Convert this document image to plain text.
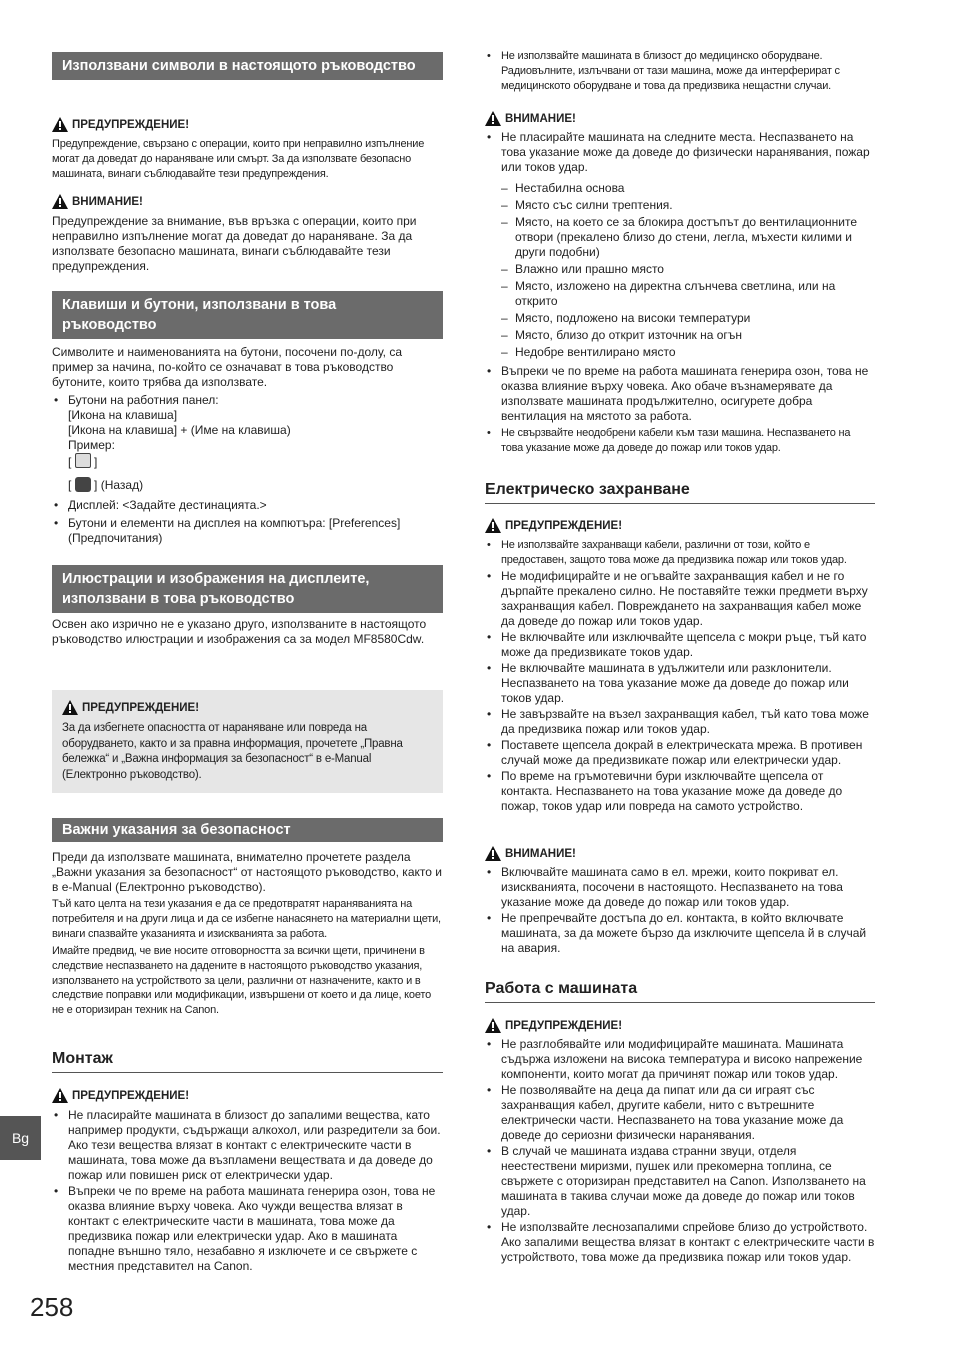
Използвани символи в настоящото ръководство
ПРЕДУПРЕЖДЕНИЕ!
Предупреждение, свързано с операции, които при неправилно изпълнение могат да доведат до нараняване или смърт. За да използвате безопасно машината, винаги съблюдавайте тези предупреждения.
ВНИМАНИЕ!
Предупреждение за внимание, във връзка с операции, които при неправилно изпълнение могат да доведат до нараняване. За да използвате безопасно машината, винаги съблюдавайте тези предупреждения.
Клавиши и бутони, използвани в това ръководство
Символите и наименованията на бутони, посочени по-долу, са пример за начина, по-който се означават в това ръководство бутоните, които трябва да използвате.
• Бутони на работния панел:
[Икона на клавиша]
[Икона на клавиша] + (Име на клавиша)
Пример:
[ ]
[ ] (Назад)
• Дисплей: <Задайте дестинацията.>
• Бутони и елементи на дисплея на компютъра: [Preferences] (Предпочитания)
Илюстрации и изображения на дисплеите, използвани в това ръководство
Освен ако изрично не е указано друго, използваните в настоящото ръководство илюстрации и изображения са за модел MF8580Cdw.
ПРЕДУПРЕЖДЕНИЕ!
За да избегнете опасността от нараняване или повреда на оборудването, както и за правна информация, прочетете „Правна бележка“ и „Важна информация за безопасност“ в e-Manual (Електронно ръководство).
Важни указания за безопасност
Преди да използвате машината, внимателно прочетете раздела „Важни указания за безопасност“ от настоящото ръководство, както и в e-Manual (Електронно ръководство).
Тъй като целта на тези указания е да се предотвратят нараняванията на потребителя и на други лица и да се избегне нанасянето на материални щети, винаги спазвайте указанията и изискванията за работа.
Имайте предвид, че вие носите отговорността за всички щети, причинени в следствие неспазването на дадените в настоящото ръководство указания, използването на устройството за цели, различни от назначените, както и в следствие поправки или модификации, извършени от което и да лице, което не е оторизиран техник на Canon.
Монтаж
ПРЕДУПРЕЖДЕНИЕ!
• Не пласирайте машината в близост до запалими вещества, като например продукти, съдържащи алкохол, или разредители за бои. Ако тези вещества влязат в контакт с електрическите части в машината, това може да възпламени веществата и да доведе до пожар или повишен риск от електрически удар.
• Въпреки че по време на работа машината генерира озон, това не оказва влияние върху човека. Ако чужди вещества влязат в контакт с електрическите части в машината, това може да предизвика пожар или електрически удар. Ако в машината попадне външно тяло, незабавно я изключете и се свържете с местния представител на Canon.
• Не използвайте машината в близост до медицинско оборудване. Радиовълните, излъчвани от тази машина, може да интерферират с медицинското оборудване и това да предизвика нещастни случаи.
ВНИМАНИЕ!
• Не пласирайте машината на следните места. Неспазването на това указание може да доведе до физически наранявания, пожар или токов удар.
– Нестабилна основа
– Място със силни трептения.
– Място, на което се за блокира достъпът до вентилационните отвори (прекалено близо до стени, легла, мъхести килими и други подобни)
– Влажно или прашно място
– Място, изложено на директна слънчева светлина, или на открито
– Място, подложено на високи температури
– Място, близо до открит източник на огън
– Недобре вентилирано място
• Въпреки че по време на работа машината генерира озон, това не оказва влияние върху човека. Ако обаче възнамерявате да използвате машината продължително, осигурете добра вентилация на мястото за работа.
• Не свързвайте неодобрени кабели към тази машина. Неспазването на това указание може да доведе до пожар или токов удар.
Електрическо захранване
ПРЕДУПРЕЖДЕНИЕ!
• Не използвайте захранващи кабели, различни от този, който е предоставен, защото това може да предизвика пожар или токов удар.
• Не модифицирайте и не огъвайте захранващия кабел и не го дърпайте прекалено силно. Не поставяйте тежки предмети върху захранващия кабел. Повреждането на захранващия кабел може да доведе до пожар или токов удар.
• Не включвайте или изключвайте щепсела с мокри ръце, тъй като може да предизвикате токов удар.
• Не включвайте машината в удължители или разклонители. Неспазването на това указание може да доведе до пожар или токов удар.
• Не завързвайте на възел захранващия кабел, тъй като това може да предизвика пожар или токов удар.
• Поставете щепсела докрай в електрическата мрежа. В противен случай може да предизвикате пожар или електрически удар.
• По време на гръмотевични бури изключвайте щепсела от контакта. Неспазването на това указание може да доведе до пожар, токов удар или повреда на самото устройство.
ВНИМАНИЕ!
• Включвайте машината само в ел. мрежи, които покриват ел. изискванията, посочени в настоящото. Неспазването на това указание може да доведе до пожар или токов удар.
• Не препречвайте достъпа до ел. контакта, в който включвате машината, за да можете бързо да изключите щепсела й в случай на авария.
Работа с машината
ПРЕДУПРЕЖДЕНИЕ!
• Не разглобявайте или модифицирайте машината. Машината съдържа изложени на висока температура и високо напрежение компоненти, които могат да причинят пожар или токов удар.
• Не позволявайте на деца да пипат или да си играят със захранващия кабел, другите кабели, нито с вътрешните електрически части. Неспазването на това указание може да доведе до сериозни физически наранявания.
• В случай че машината издава странни звуци, отделя неестествени миризми, пушек или прекомерна топлина, се свържете с оторизиран представител на Canon. Използването на машината в такива случаи може да доведе до пожар или токов удар.
• Не използвайте леснозапалими спрейове близо до устройството. Ако запалими вещества влязат в контакт с електрическите части в устройството, това може да предизвика пожар или токов удар.
Bg
258
